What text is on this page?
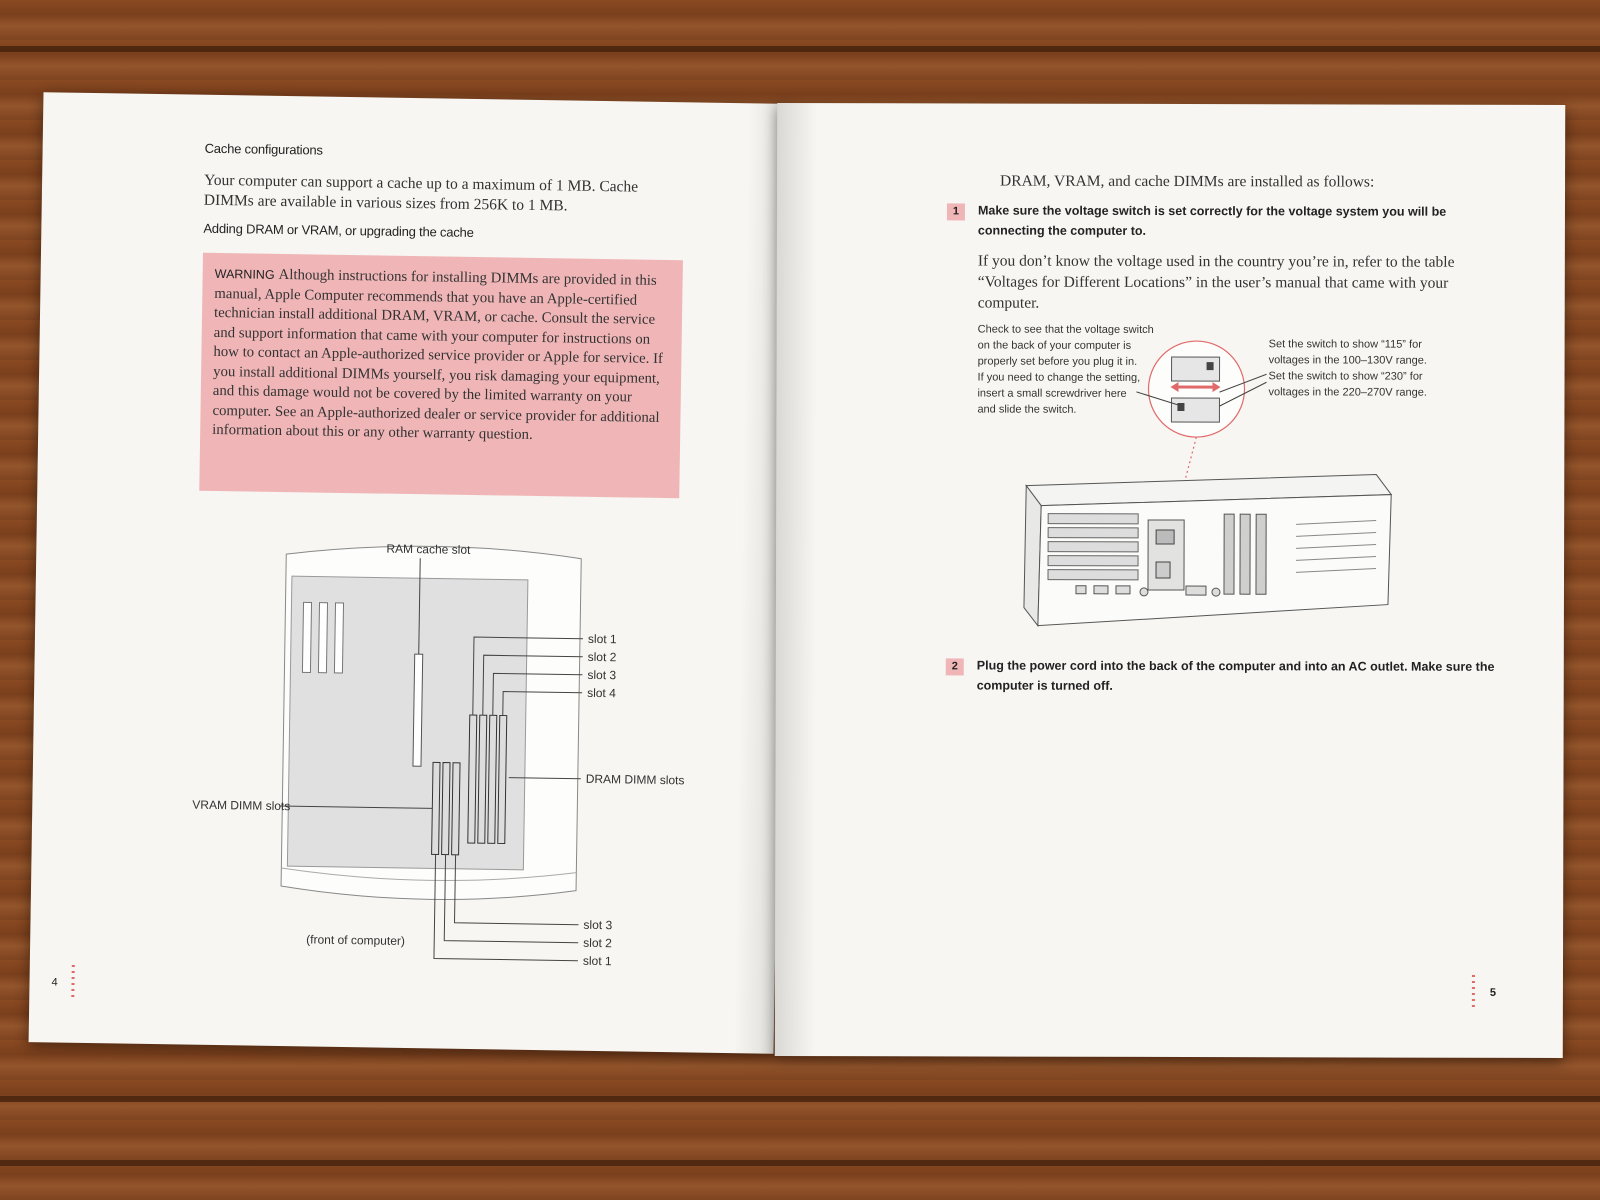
Cache configurations
Your computer can support a cache up to a maximum of 1 MB. Cache
DIMMs are available in various sizes from 256K to 1 MB.
Adding DRAM or VRAM, or upgrading the cache
WARNING Although instructions for installing DIMMs are provided in this manual, Apple Computer recommends that you have an Apple-certified technician install additional DRAM, VRAM, or cache. Consult the service and support information that came with your computer for instructions on how to contact an Apple-authorized service provider or Apple for service. If you install additional DIMMs yourself, you risk damaging your equipment, and this damage would not be covered by the limited warranty on your computer. See an Apple-authorized dealer or service provider for additional information about this or any other warranty question.
RAM cache slot
slot 1
slot 2
slot 3
slot 4
DRAM DIMM slots
VRAM DIMM slots
slot 3
slot 2
slot 1
(front of computer)
4
DRAM, VRAM, and cache DIMMs are installed as follows:
1	Make sure the voltage switch is set correctly for the voltage system you will be
connecting the computer to.
If you don’t know the voltage used in the country you’re in, refer to the table
“Voltages for Different Locations” in the user’s manual that came with your
computer.
Check to see that the voltage switch
on the back of your computer is
properly set before you plug it in.
If you need to change the setting,
insert a small screwdriver here
and slide the switch.
Set the switch to show “115” for
voltages in the 100–130V range.
Set the switch to show “230” for
voltages in the 220–270V range.
2	Plug the power cord into the back of the computer and into an AC outlet. Make sure the
computer is turned off.
5
